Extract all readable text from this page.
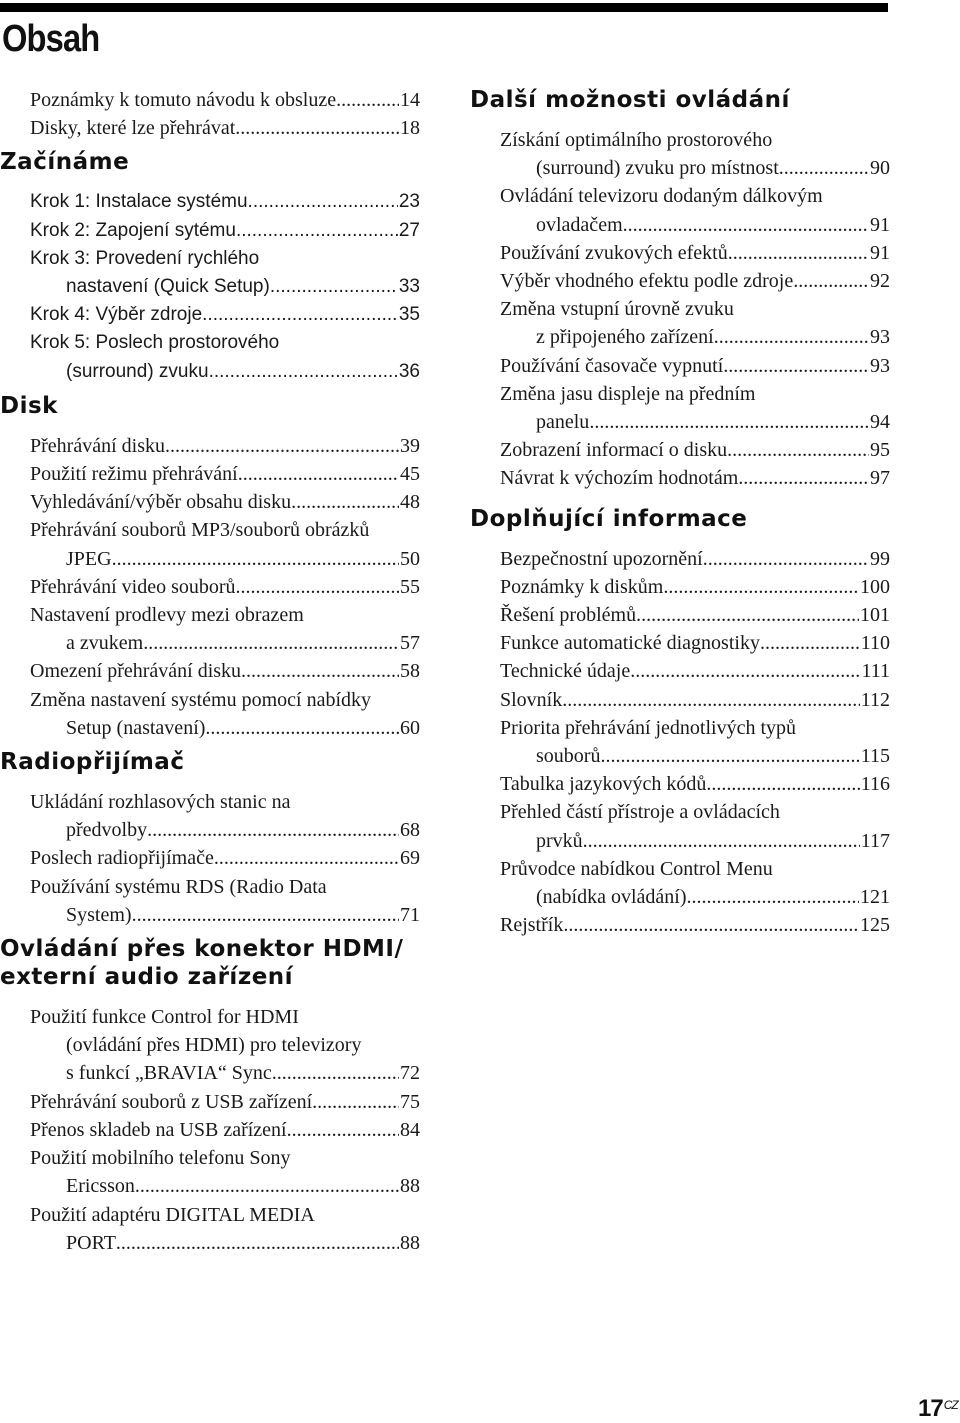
Obsah
Poznámky k tomuto návodu k obsluze .....	14
Disky, které lze přehrávat .....	18
Začínáme
Krok 1: Instalace systému .....	23
Krok 2: Zapojení sytému .....	27
Krok 3: Provedení rychlého
nastavení (Quick Setup) .....	33
Krok 4: Výběr zdroje .....	35
Krok 5: Poslech prostorového
(surround) zvuku .....	36
Disk
Přehrávání disku .....	39
Použití režimu přehrávání .....	45
Vyhledávání/výběr obsahu disku .....	48
Přehrávání souborů MP3/souborů obrázků
JPEG .....	50
Přehrávání video souborů .....	55
Nastavení prodlevy mezi obrazem
a zvukem .....	57
Omezení přehrávání disku .....	58
Změna nastavení systému pomocí nabídky
Setup (nastavení) .....	60
Radiopřijímač
Ukládání rozhlasových stanic na
předvolby .....	68
Poslech radiopřijímače .....	69
Používání systému RDS (Radio Data
System) .....	71
Ovládání přes konektor HDMI/ externí audio zařízení
Použití funkce Control for HDMI
(ovládání přes HDMI) pro televizory
s funkcí „BRAVIA“ Sync .....	72
Přehrávání souborů z USB zařízení .....	75
Přenos skladeb na USB zařízení .....	84
Použití mobilního telefonu Sony
Ericsson .....	88
Použití adaptéru DIGITAL MEDIA
PORT .....	88
Další možnosti ovládání
Získání optimálního prostorového
(surround) zvuku pro místnost .....	90
Ovládání televizoru dodaným dálkovým
ovladačem .....	91
Používání zvukových efektů .....	91
Výběr vhodného efektu podle zdroje .....	92
Změna vstupní úrovně zvuku
z připojeného zařízení .....	93
Používání časovače vypnutí .....	93
Změna jasu displeje na předním
panelu .....	94
Zobrazení informací o disku .....	95
Návrat k výchozím hodnotám .....	97
Doplňující informace
Bezpečnostní upozornění .....	99
Poznámky k diskům .....	100
Řešení problémů .....	101
Funkce automatické diagnostiky .....	110
Technické údaje .....	111
Slovník .....	112
Priorita přehrávání jednotlivých typů
souborů .....	115
Tabulka jazykových kódů .....	116
Přehled částí přístroje a ovládacích
prvků .....	117
Průvodce nabídkou Control Menu
(nabídka ovládání) .....	121
Rejstřík .....	125
$17^{CZ}$
